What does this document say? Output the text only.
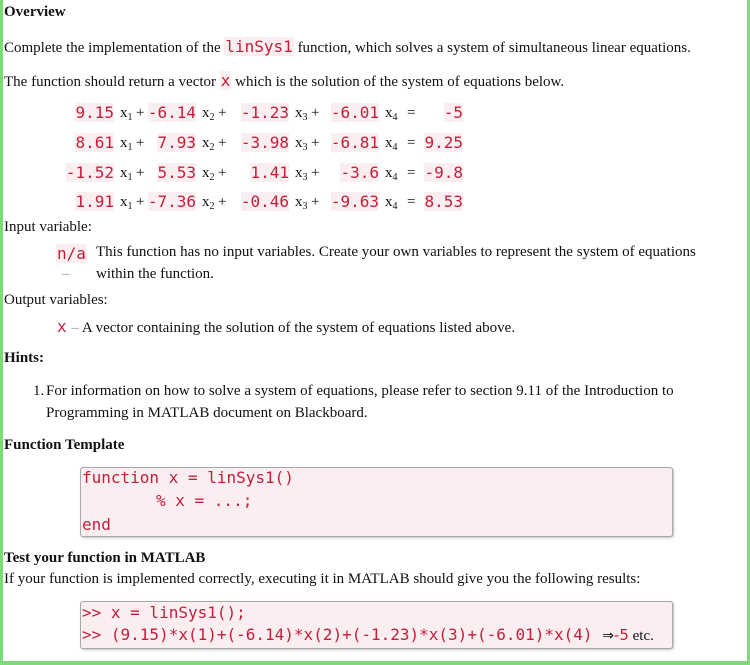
Overview
Complete the implementation of the linSys1 function, which solves a system of simultaneous linear equations.
The function should return a vector x which is the solution of the system of equations below.
9.15 $x_1 + -6.14$ $x_2 + -1.23$ $x_3 + -6.01$ $x_4 = -5$
8.61 $x_1 + 7.93$ $x_2 + -3.98$ $x_3 + -6.81$ $x_4 = 9.25$
-1.52 $x_1 + 5.53$ $x_2 + 1.41$ $x_3 + -3.6$ $x_4 = -9.8$
1.91 $x_1 + -7.36$ $x_2 + -0.46$ $x_3 + -9.63$ $x_4 = 8.53$
Input variable:
n/a
–
This function has no input variables. Create your own variables to represent the system of equations
within the function.
Output variables:
x – A vector containing the solution of the system of equations listed above.
Hints:
1. For information on how to solve a system of equations, please refer to section 9.11 of the Introduction to
Programming in MATLAB document on Blackboard.
Function Template
function x = linSys1()
% x = ...;
end
Test your function in MATLAB
If your function is implemented correctly, executing it in MATLAB should give you the following results:
>> x = linSys1();
>> (9.15)*x(1)+(-6.14)*x(2)+(-1.23)*x(3)+(-6.01)*x(4) ⇒-5 etc.
